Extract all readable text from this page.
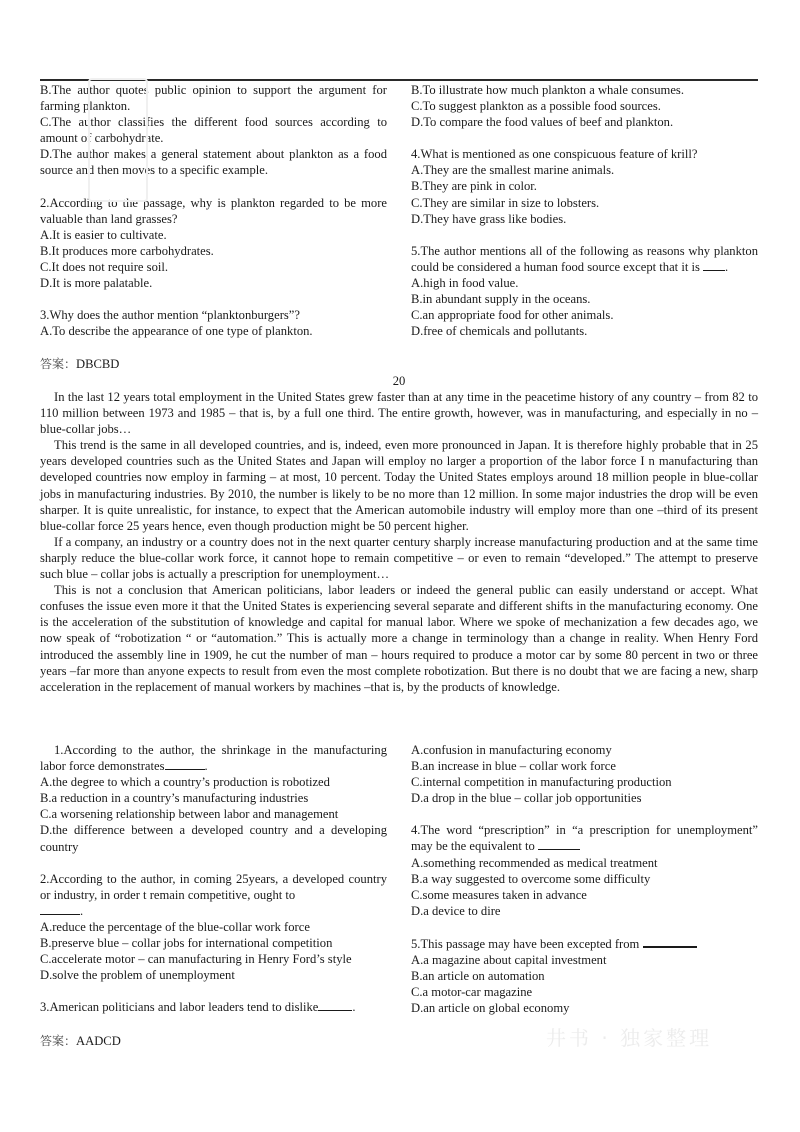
B.The author quotes public opinion to support the argument for farming plankton.

C.The author classifies the different food sources according to amount of carbohydrate.

D.The author makes a general statement about plankton as a food source and then moves to a specific example.

2.According to the passage, why is plankton regarded to be more valuable than land grasses?

A.It is easier to cultivate.

B.It produces more carbohydrates.

C.It does not require soil.

D.It is more palatable.

3.Why does the author mention “planktonburgers”?

A.To describe the appearance of one type of plankton.

B.To illustrate how much plankton a whale consumes.

C.To suggest plankton as a possible food sources.

D.To compare the food values of beef and plankton.

4.What is mentioned as one conspicuous feature of krill?

A.They are the smallest marine animals.

B.They are pink in color.

C.They are similar in size to lobsters.

D.They have grass like bodies.

5.The author mentions all of the following as reasons why plankton could be considered a human food source except that it is .

A.high in food value.

B.in abundant supply in the oceans.

C.an appropriate food for other animals.

D.free of chemicals and pollutants.

答案：DBCBD
20

In the last 12 years total employment in the United States grew faster than at any time in the peacetime history of any country – from 82 to 110 million between 1973 and 1985 – that is, by a full one third. The entire growth, however, was in manufacturing, and especially in no – blue-collar jobs…

This trend is the same in all developed countries, and is, indeed, even more pronounced in Japan. It is therefore highly probable that in 25 years developed countries such as the United States and Japan will employ no larger a proportion of the labor force I n manufacturing than developed countries now employ in farming – at most, 10 percent. Today the United States employs around 18 million people in blue-collar jobs in manufacturing industries. By 2010, the number is likely to be no more than 12 million. In some major industries the drop will be even sharper. It is quite unrealistic, for instance, to expect that the American automobile industry will employ more than one –third of its present blue-collar force 25 years hence, even though production might be 50 percent higher.

If a company, an industry or a country does not in the next quarter century sharply increase manufacturing production and at the same time sharply reduce the blue-collar work force, it cannot hope to remain competitive – or even to remain “developed.” The attempt to preserve such blue – collar jobs is actually a prescription for unemployment…

This is not a conclusion that American politicians, labor leaders or indeed the general public can easily understand or accept. What confuses the issue even more it that the United States is experiencing several separate and different shifts in the manufacturing economy. One is the acceleration of the substitution of knowledge and capital for manual labor. Where we spoke of mechanization a few decades ago, we now speak of “robotization “ or “automation.” This is actually more a change in terminology than a change in reality. When Henry Ford introduced the assembly line in 1909, he cut the number of man – hours required to produce a motor car by some 80 percent in two or three years –far more than anyone expects to result from even the most complete robotization. But there is no doubt that we are facing a new, sharp acceleration in the replacement of manual workers by machines –that is, by the products of knowledge.

1.According to the author, the shrinkage in the manufacturing labor force demonstrates	.

A.the degree to which a country’s production is robotized

B.a reduction in a country’s manufacturing industries

C.a worsening relationship between labor and management

D.the difference between a developed country and a developing country

2.According to the author, in coming 25years, a developed country or industry, in order t remain competitive, ought to

.

A.reduce the percentage of the blue-collar work force

B.preserve blue – collar jobs for international competition

C.accelerate motor – can manufacturing in Henry Ford’s style

D.solve the problem of unemployment

3.American politicians and labor leaders tend to dislike	.

A.confusion in manufacturing economy

B.an increase in blue – collar work force

C.internal competition in manufacturing production

D.a drop in the blue – collar job opportunities

4.The word “prescription” in “a prescription for unemployment” may be the equivalent to

A.something recommended as medical treatment

B.a way suggested to overcome some difficulty

C.some measures taken in advance

D.a device to dire

5.This passage may have been excepted from

A.a magazine about capital investment

B.an article on automation

C.a motor-car magazine

D.an article on global economy

答案：AADCD	井书 · 独家整理
